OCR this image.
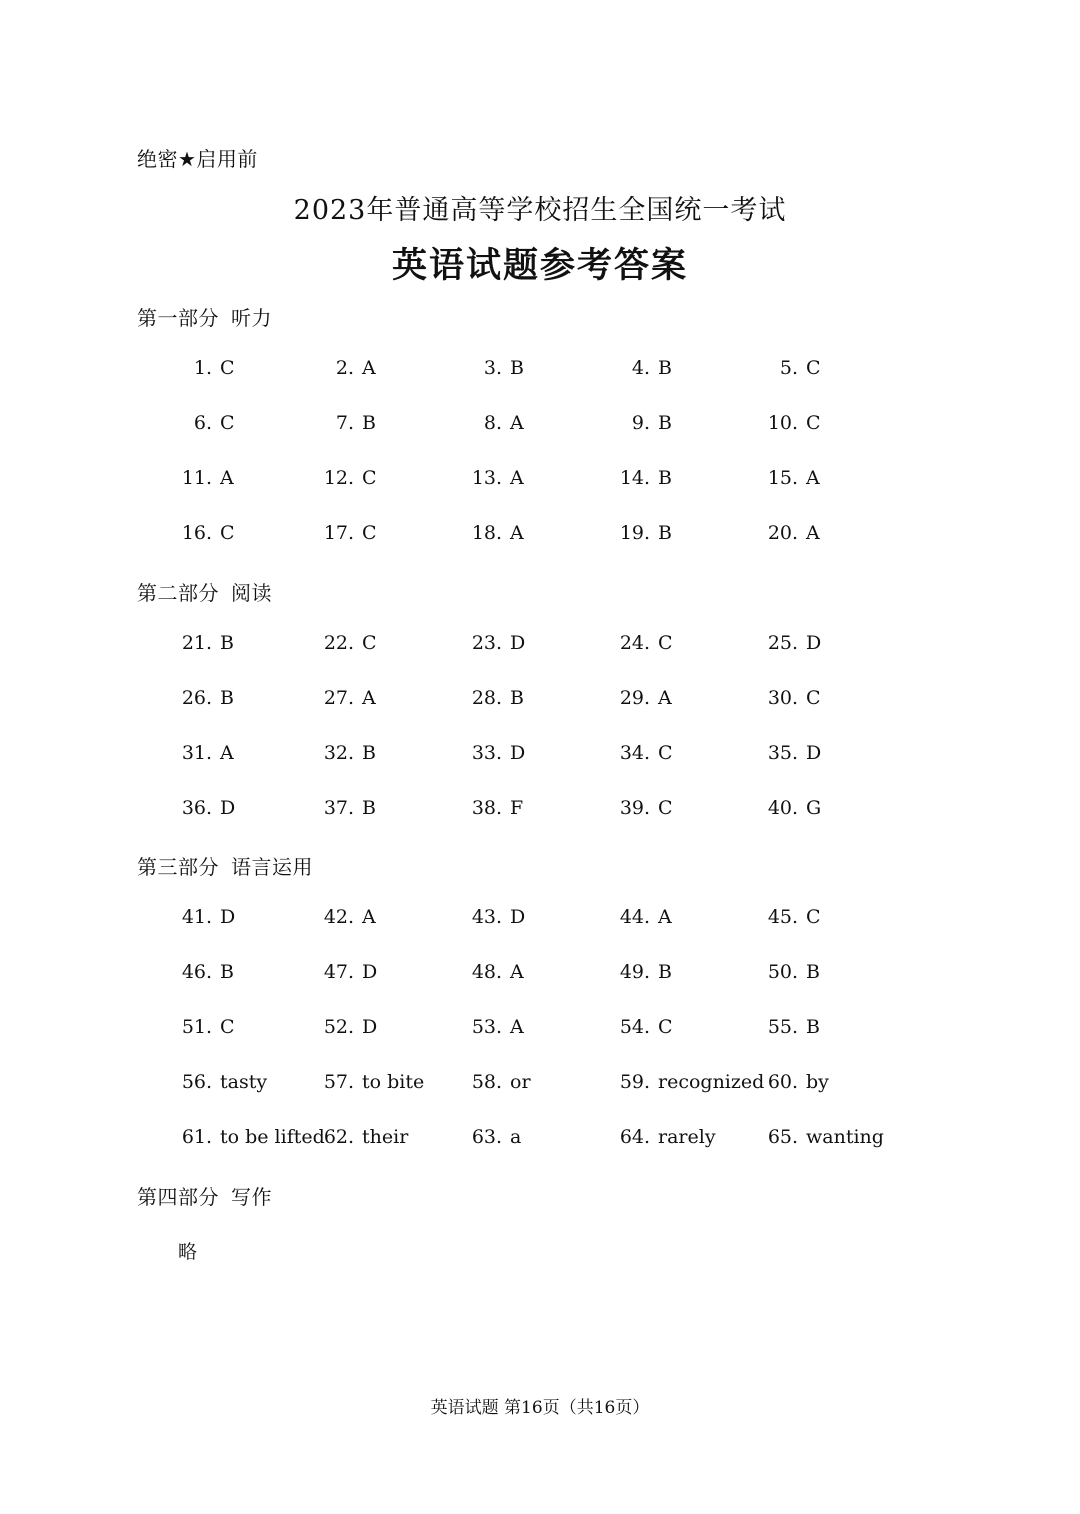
绝密★启用前
2023年普通高等学校招生全国统一考试
英语试题参考答案
第一部分 听力
1. C	2. A	3. B	4. B	5. C
6. C	7. B	8. A	9. B	10. C
11. A	12. C	13. A	14. B	15. A
16. C	17. C	18. A	19. B	20. A
第二部分 阅读
21. B	22. C	23. D	24. C	25. D
26. B	27. A	28. B	29. A	30. C
31. A	32. B	33. D	34. C	35. D
36. D	37. B	38. F	39. C	40. G
第三部分 语言运用
41. D	42. A	43. D	44. A	45. C
46. B	47. D	48. A	49. B	50. B
51. C	52. D	53. A	54. C	55. B
56. tasty	57. to bite	58. or	59. recognized 60. by
61. to be lifted 62. their	63. a	64. rarely	65. wanting
第四部分 写作
略
英语试题 第16页（共16页）
